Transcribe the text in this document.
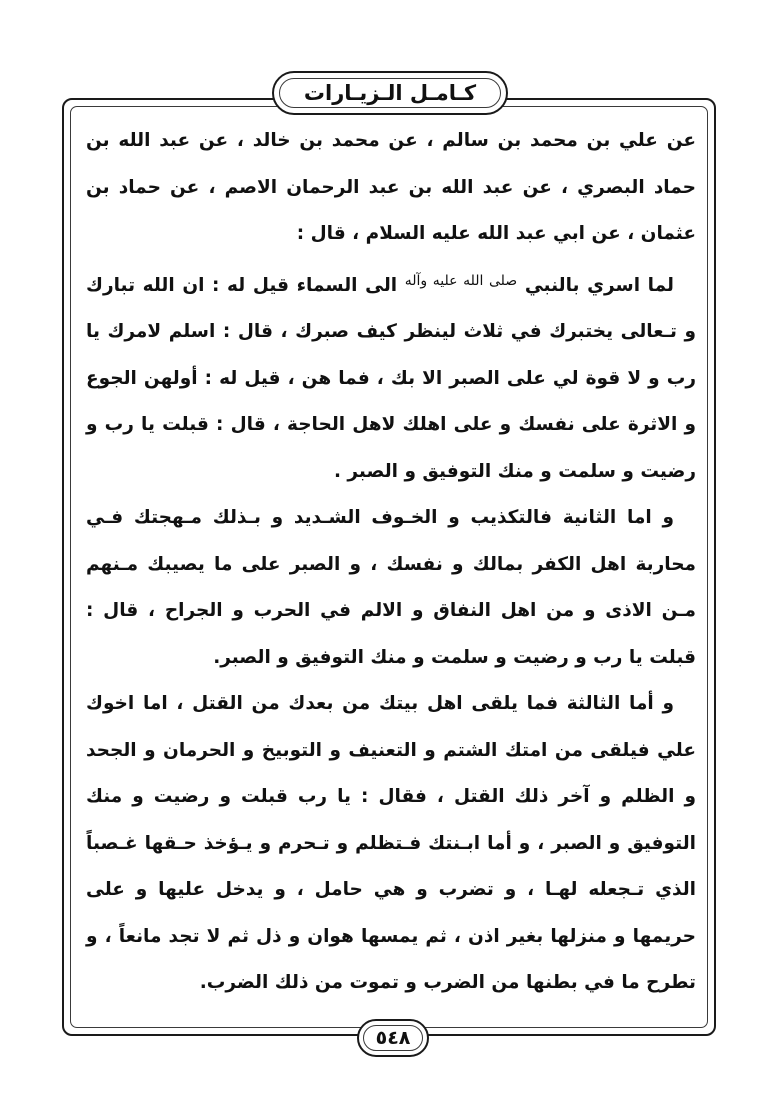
كـامـل الـزيـارات

عن علي بن محمد بن سالم ، عن محمد بن خالد ، عن عبد الله بن حماد البصري ، عن عبد الله بن عبد الرحمان الاصم ، عن حماد بن عثمان ، عن ابي عبد الله عليه السلام ، قال :

لما اسري بالنبي $^{صلى الله عليه وآله}$ الى السماء قيل له : ان الله تبارك و تـعالى يختبرك في ثلاث لينظر كيف صبرك ، قال : اسلم لامرك يا رب و لا قوة لي على الصبر الا بك ، فما هن ، قيل له : أولهن الجوع و الاثرة على نفسك و على اهلك لاهل الحاجة ، قال : قبلت يا رب و رضيت و سلمت و منك التوفيق و الصبر .

و اما الثانية فالتكذيب و الخـوف الشـديد و بـذلك مـهجتك فـي محاربة اهل الكفر بمالك و نفسك ، و الصبر على ما يصيبك مـنهم مـن الاذى و من اهل النفاق و الالم في الحرب و الجراح ، قال : قبلت يا رب و رضيت و سلمت و منك التوفيق و الصبر.

و أما الثالثة فما يلقى اهل بيتك من بعدك من القتل ، اما اخوك علي فيلقى من امتك الشتم و التعنيف و التوبيخ و الحرمان و الجحد و الظلم و آخر ذلك القتل ، فقال : يا رب قبلت و رضيت و منك التوفيق و الصبر ، و أما ابـنتك فـتظلم و تـحرم و يـؤخذ حـقها غـصباً الذي تـجعله لهـا ، و تضرب و هي حامل ، و يدخل عليها و على حريمها و منزلها بغير اذن ، ثم يمسها هوان و ذل ثم لا تجد مانعاً ، و تطرح ما في بطنها من الضرب و تموت من ذلك الضرب.

٥٤٨
